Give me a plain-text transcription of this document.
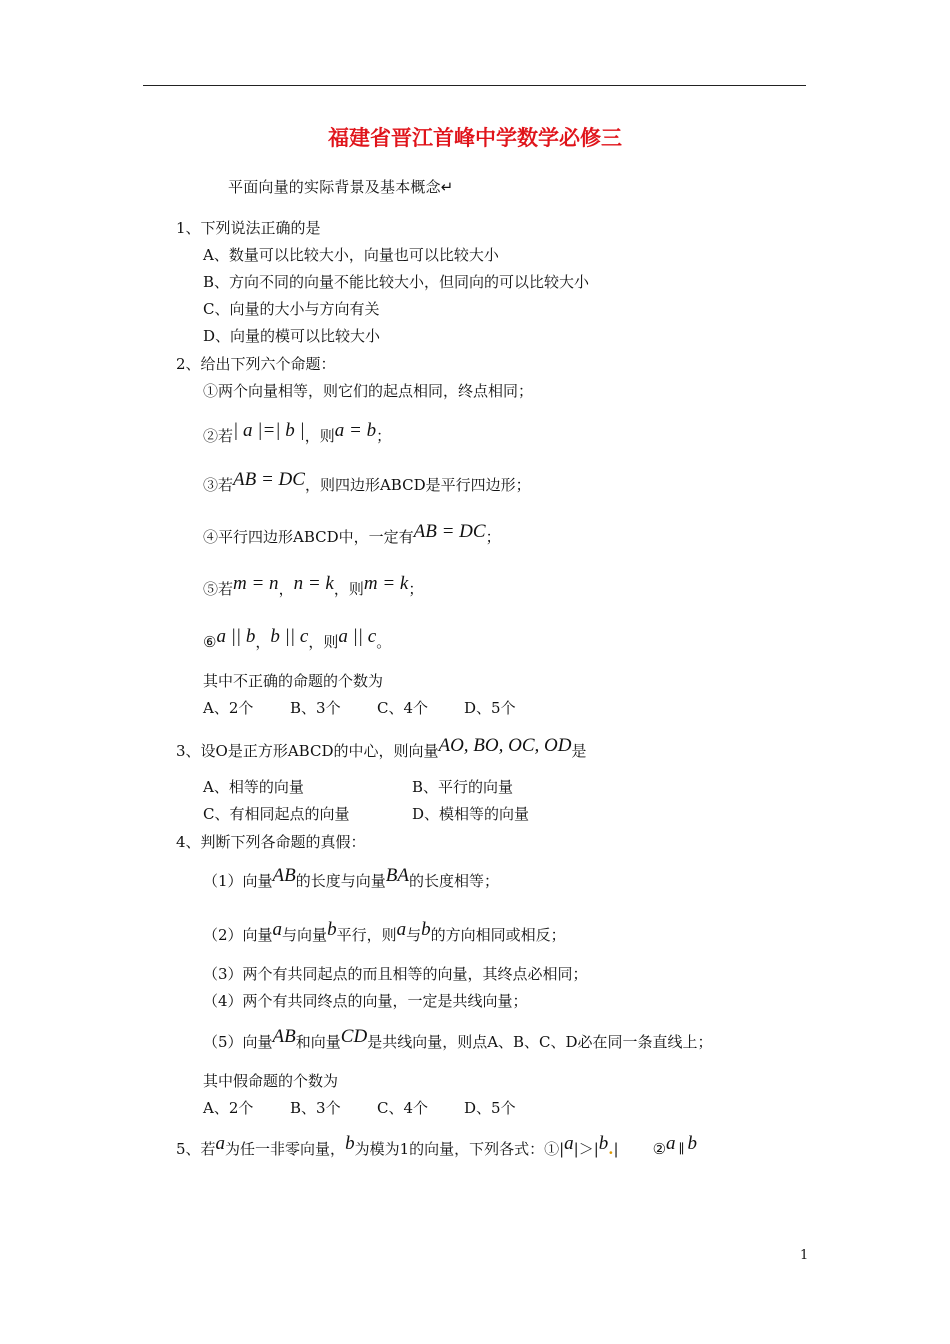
福建省晋江首峰中学数学必修三
平面向量的实际背景及基本概念↵
1、下列说法正确的是
A、数量可以比较大小，向量也可以比较大小
B、方向不同的向量不能比较大小，但同向的可以比较大小
C、向量的大小与方向有关
D、向量的模可以比较大小
2、给出下列六个命题：
①两个向量相等，则它们的起点相同，终点相同；
②若| a |=| b |，则a = b；
③若AB = DC，则四边形ABCD是平行四边形；
④平行四边形ABCD中，一定有AB = DC；
⑤若m = n，n = k，则m = k；
⑥a || b，b || c，则a || c。
其中不正确的命题的个数为
A、2个 B、3个 C、4个 D、5个
3、设O是正方形ABCD的中心，则向量AO, BO, OC, OD是
A、相等的向量	B、平行的向量
C、有相同起点的向量	D、模相等的向量
4、判断下列各命题的真假：
（1）向量AB的长度与向量BA的长度相等；
（2）向量a与向量b平行，则a与b的方向相同或相反；
（3）两个有共同起点的而且相等的向量，其终点必相同；
（4）两个有共同终点的向量，一定是共线向量；
（5）向量AB和向量CD是共线向量，则点A、B、C、D必在同一条直线上；
其中假命题的个数为
A、2个 B、3个 C、4个 D、5个
5、若a为任一非零向量，b为模为1的向量，下列各式：①|a|＞|b.| ②a ∥ b
1
